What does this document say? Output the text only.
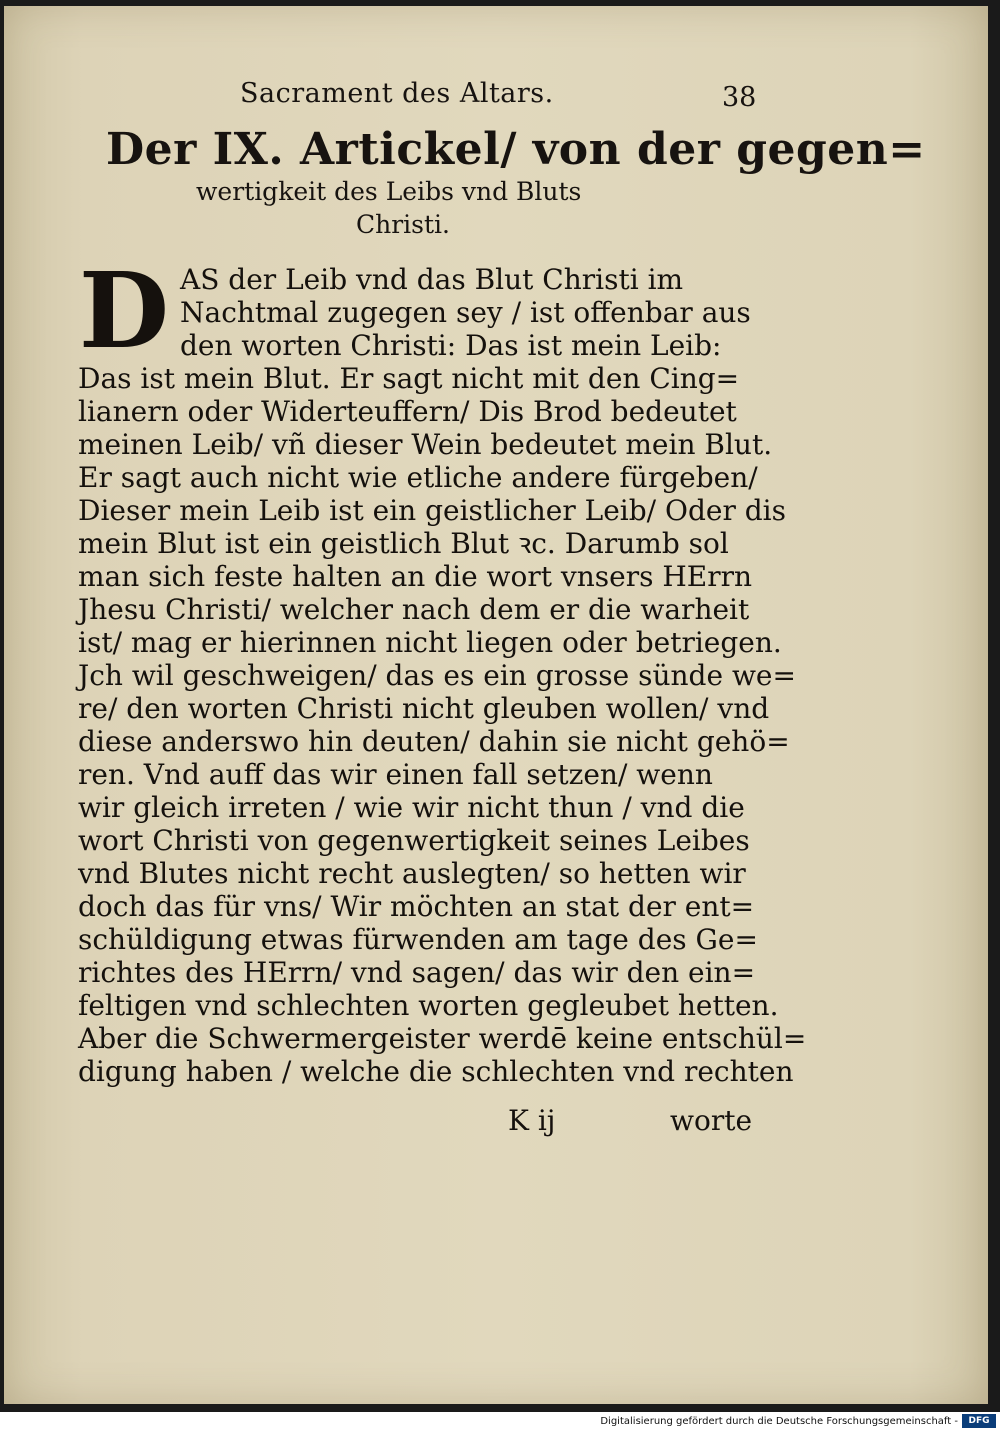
Sacrament des Altars.	38
Der IX. Artickel/ von der gegen=
wertigkeit des Leibs vnd Bluts
Christi.
D AS der Leib vnd das Blut Christi im
Nachtmal zugegen sey / ist offenbar aus
den worten Christi: Das ist mein Leib:
Das ist mein Blut. Er sagt nicht mit den Cing=
lianern oder Widerteuffern/ Dis Brod bedeutet
meinen Leib/ vñ dieser Wein bedeutet mein Blut.
Er sagt auch nicht wie etliche andere fürgeben/
Dieser mein Leib ist ein geistlicher Leib/ Oder dis
mein Blut ist ein geistlich Blut ꝛc. Darumb sol
man sich feste halten an die wort vnsers HErrn
Jhesu Christi/ welcher nach dem er die warheit
ist/ mag er hierinnen nicht liegen oder betriegen.
Jch wil geschweigen/ das es ein grosse sünde we=
re/ den worten Christi nicht gleuben wollen/ vnd
diese anderswo hin deuten/ dahin sie nicht gehö=
ren. Vnd auff das wir einen fall setzen/ wenn
wir gleich irreten / wie wir nicht thun / vnd die
wort Christi von gegenwertigkeit seines Leibes
vnd Blutes nicht recht auslegten/ so hetten wir
doch das für vns/ Wir möchten an stat der ent=
schüldigung etwas fürwenden am tage des Ge=
richtes des HErrn/ vnd sagen/ das wir den ein=
feltigen vnd schlechten worten gegleubet hetten.
Aber die Schwermergeister werdē keine entschül=
digung haben / welche die schlechten vnd rechten
K ij	worte
Digitalisierung gefördert durch die Deutsche Forschungsgemeinschaft -	DFG
